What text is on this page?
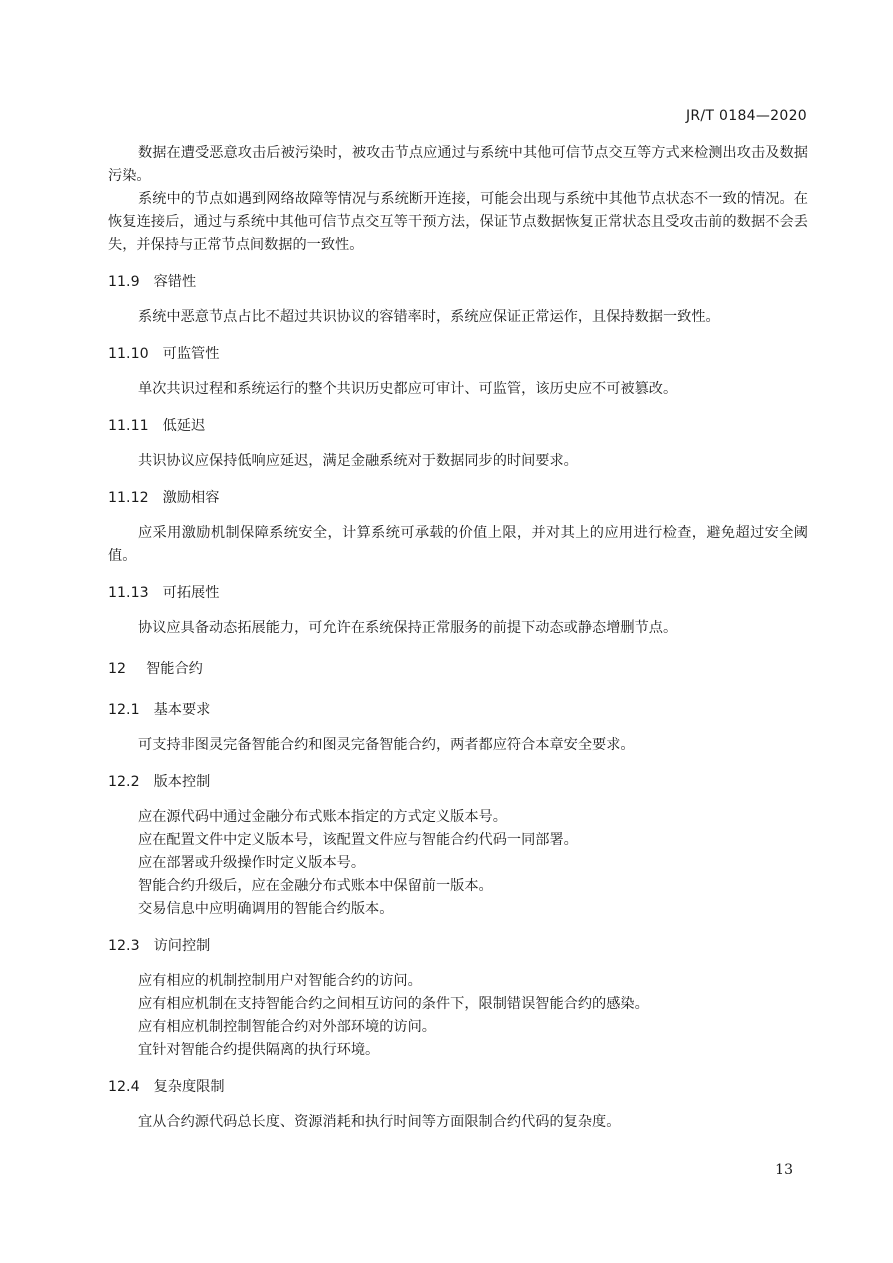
JR/T 0184—2020

数据在遭受恶意攻击后被污染时，被攻击节点应通过与系统中其他可信节点交互等方式来检测出攻击及数据污染。

系统中的节点如遇到网络故障等情况与系统断开连接，可能会出现与系统中其他节点状态不一致的情况。在恢复连接后，通过与系统中其他可信节点交互等干预方法，保证节点数据恢复正常状态且受攻击前的数据不会丢失，并保持与正常节点间数据的一致性。

11.9 容错性

系统中恶意节点占比不超过共识协议的容错率时，系统应保证正常运作，且保持数据一致性。

11.10 可监管性

单次共识过程和系统运行的整个共识历史都应可审计、可监管，该历史应不可被篡改。

11.11 低延迟

共识协议应保持低响应延迟，满足金融系统对于数据同步的时间要求。

11.12 激励相容

应采用激励机制保障系统安全，计算系统可承载的价值上限，并对其上的应用进行检查，避免超过安全阈值。

11.13 可拓展性

协议应具备动态拓展能力，可允许在系统保持正常服务的前提下动态或静态增删节点。

12 智能合约
12.1 基本要求

可支持非图灵完备智能合约和图灵完备智能合约，两者都应符合本章安全要求。

12.2 版本控制

应在源代码中通过金融分布式账本指定的方式定义版本号。

应在配置文件中定义版本号，该配置文件应与智能合约代码一同部署。

应在部署或升级操作时定义版本号。

智能合约升级后，应在金融分布式账本中保留前一版本。

交易信息中应明确调用的智能合约版本。

12.3 访问控制

应有相应的机制控制用户对智能合约的访问。

应有相应机制在支持智能合约之间相互访问的条件下，限制错误智能合约的感染。

应有相应机制控制智能合约对外部环境的访问。

宜针对智能合约提供隔离的执行环境。

12.4 复杂度限制

宜从合约源代码总长度、资源消耗和执行时间等方面限制合约代码的复杂度。

13
